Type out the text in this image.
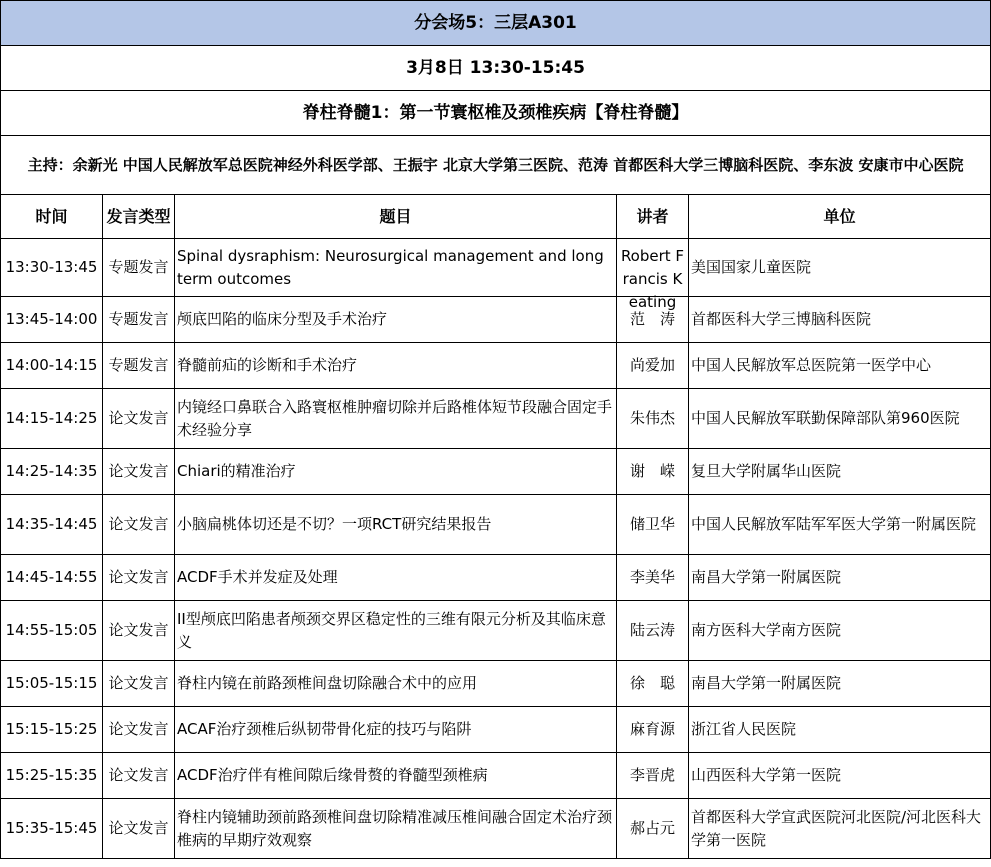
分会场5：三层A301				
3月8日 13:30-15:45				
脊柱脊髓1：第一节寰枢椎及颈椎疾病【脊柱脊髓】				
主持：余新光 中国人民解放军总医院神经外科医学部、王振宇 北京大学第三医院、范涛 首都医科大学三博脑科医院、李东波 安康市中心医院				
时间	发言类型	题目	讲者	单位
13:30-13:45	专题发言	Spinal dysraphism: Neurosurgical management and long term outcomes	Robert Francis Keating	美国国家儿童医院
13:45-14:00	专题发言	颅底凹陷的临床分型及手术治疗	范　涛	首都医科大学三博脑科医院
14:00-14:15	专题发言	脊髓前疝的诊断和手术治疗	尚爱加	中国人民解放军总医院第一医学中心
14:15-14:25	论文发言	内镜经口鼻联合入路寰枢椎肿瘤切除并后路椎体短节段融合固定手术经验分享	朱伟杰	中国人民解放军联勤保障部队第960医院
14:25-14:35	论文发言	Chiari的精准治疗	谢　嵘	复旦大学附属华山医院
14:35-14:45	论文发言	小脑扁桃体切还是不切？一项RCT研究结果报告	储卫华	中国人民解放军陆军军医大学第一附属医院
14:45-14:55	论文发言	ACDF手术并发症及处理	李美华	南昌大学第一附属医院
14:55-15:05	论文发言	II型颅底凹陷患者颅颈交界区稳定性的三维有限元分析及其临床意义	陆云涛	南方医科大学南方医院
15:05-15:15	论文发言	脊柱内镜在前路颈椎间盘切除融合术中的应用	徐　聪	南昌大学第一附属医院
15:15-15:25	论文发言	ACAF治疗颈椎后纵韧带骨化症的技巧与陷阱	麻育源	浙江省人民医院
15:25-15:35	论文发言	ACDF治疗伴有椎间隙后缘骨赘的脊髓型颈椎病	李晋虎	山西医科大学第一医院
15:35-15:45	论文发言	脊柱内镜辅助颈前路颈椎间盘切除精准减压椎间融合固定术治疗颈椎病的早期疗效观察	郝占元	首都医科大学宣武医院河北医院/河北医科大学第一医院
